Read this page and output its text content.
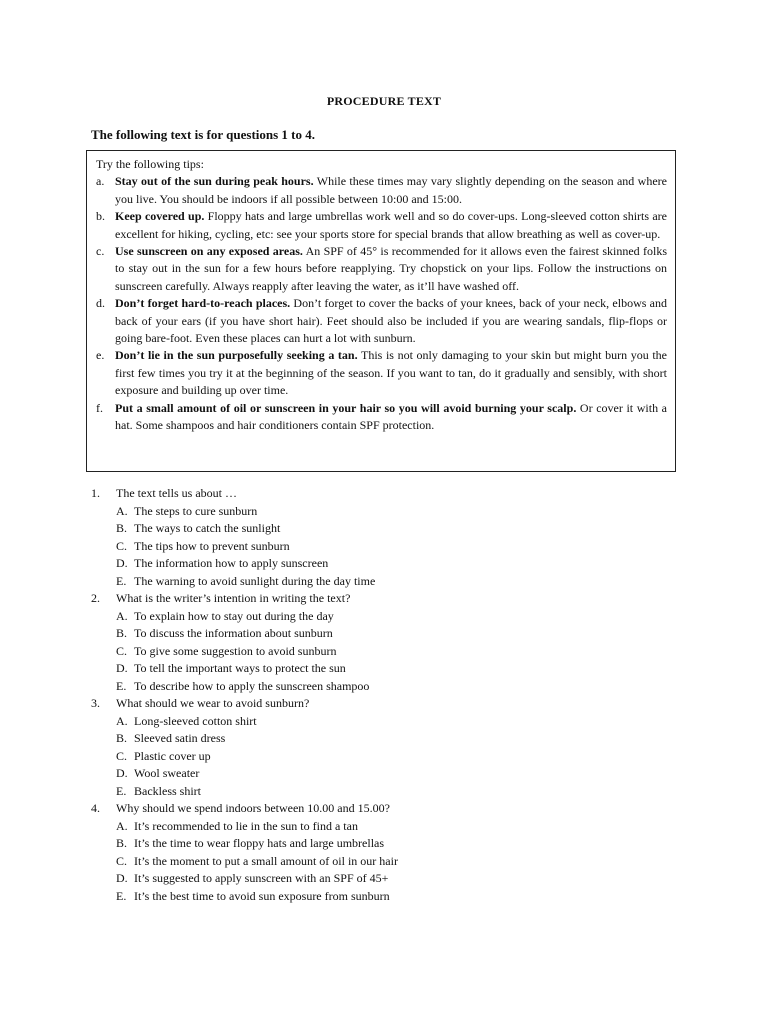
PROCEDURE TEXT
The following text is for questions 1 to 4.

Try the following tips:

a. Stay out of the sun during peak hours. While these times may vary slightly depending on the season and where you live. You should be indoors if all possible between 10:00 and 15:00.
b. Keep covered up. Floppy hats and large umbrellas work well and so do cover-ups. Long-sleeved cotton shirts are excellent for hiking, cycling, etc: see your sports store for special brands that allow breathing as well as cover-up.
c. Use sunscreen on any exposed areas. An SPF of 45° is recommended for it allows even the fairest skinned folks to stay out in the sun for a few hours before reapplying. Try chopstick on your lips. Follow the instructions on sunscreen carefully. Always reapply after leaving the water, as it’ll have washed off.
d. Don’t forget hard-to-reach places. Don’t forget to cover the backs of your knees, back of your neck, elbows and back of your ears (if you have short hair). Feet should also be included if you are wearing sandals, flip-flops or going bare-foot. Even these places can hurt a lot with sunburn.
e. Don’t lie in the sun purposefully seeking a tan. This is not only damaging to your skin but might burn you the first few times you try it at the beginning of the season. If you want to tan, do it gradually and sensibly, with short exposure and building up over time.
f.	Put a small amount of oil or sunscreen in your hair so you will avoid burning your scalp. Or cover it with a hat. Some shampoos and hair conditioners contain SPF protection.
1.	The text tells us about …
A. The steps to cure sunburn
B. The ways to catch the sunlight
C. The tips how to prevent sunburn
D. The information how to apply sunscreen
E. The warning to avoid sunlight during the day time
2.	What is the writer’s intention in writing the text?
A. To explain how to stay out during the day
B. To discuss the information about sunburn
C. To give some suggestion to avoid sunburn
D. To tell the important ways to protect the sun
E. To describe how to apply the sunscreen shampoo
3.	What should we wear to avoid sunburn?
A. Long-sleeved cotton shirt
B. Sleeved satin dress
C. Plastic cover up
D. Wool sweater
E. Backless shirt
4.	Why should we spend indoors between 10.00 and 15.00?
A. It’s recommended to lie in the sun to find a tan
B. It’s the time to wear floppy hats and large umbrellas
C. It’s the moment to put a small amount of oil in our hair
D. It’s suggested to apply sunscreen with an SPF of 45+
E. It’s the best time to avoid sun exposure from sunburn
